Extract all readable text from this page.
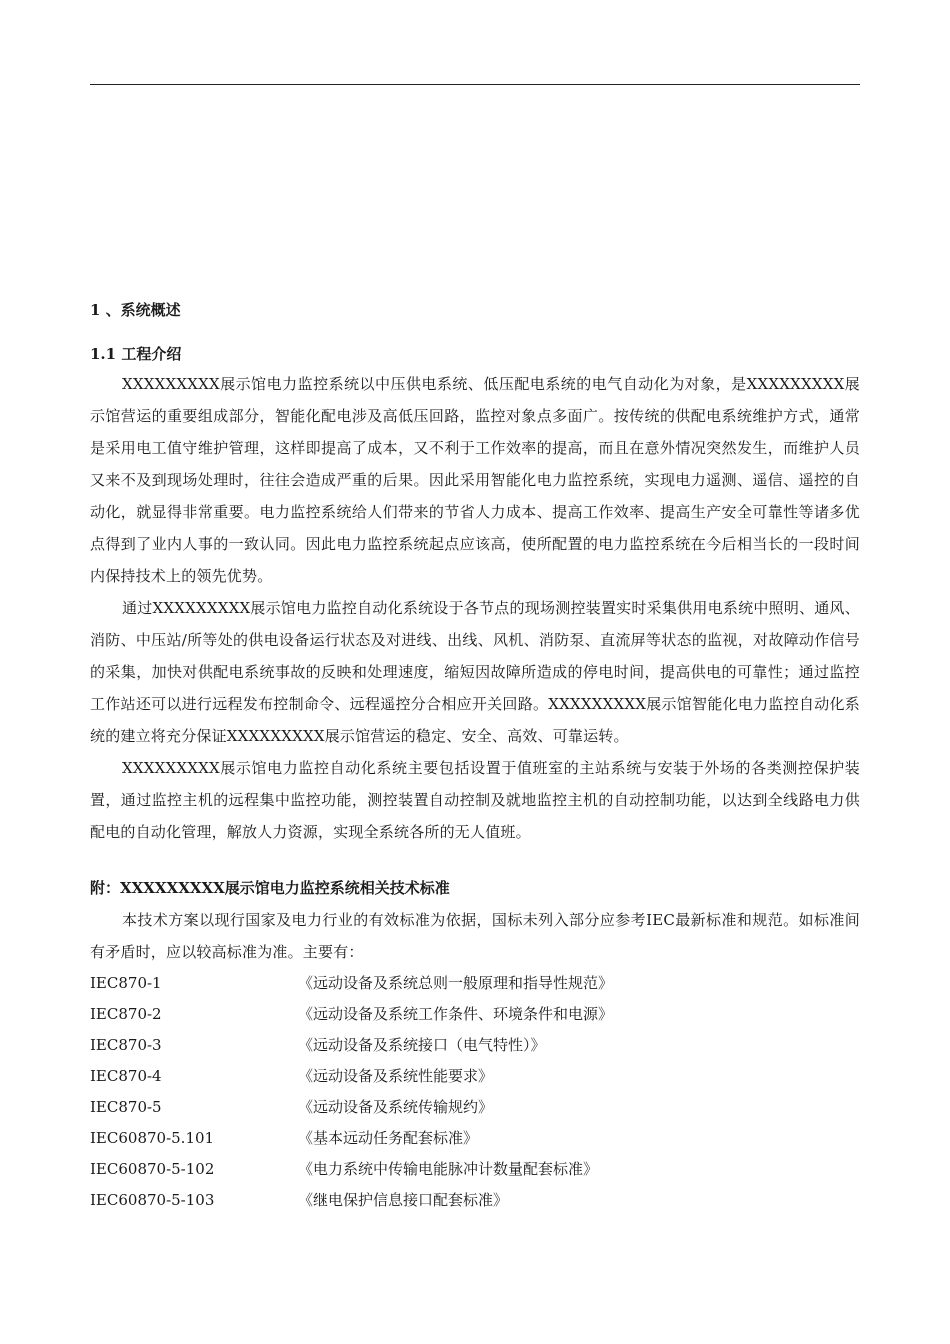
1 、系统概述
1.1 工程介绍

XXXXXXXXX展示馆电力监控系统以中压供电系统、低压配电系统的电气自动化为对象，是XXXXXXXXX展示馆营运的重要组成部分，智能化配电涉及高低压回路，监控对象点多面广。按传统的供配电系统维护方式，通常是采用电工值守维护管理，这样即提高了成本，又不利于工作效率的提高，而且在意外情况突然发生，而维护人员又来不及到现场处理时，往往会造成严重的后果。因此采用智能化电力监控系统，实现电力遥测、遥信、遥控的自动化，就显得非常重要。电力监控系统给人们带来的节省人力成本、提高工作效率、提高生产安全可靠性等诸多优点得到了业内人事的一致认同。因此电力监控系统起点应该高，使所配置的电力监控系统在今后相当长的一段时间内保持技术上的领先优势。

通过XXXXXXXXX展示馆电力监控自动化系统设于各节点的现场测控装置实时采集供用电系统中照明、通风、消防、中压站/所等处的供电设备运行状态及对进线、出线、风机、消防泵、直流屏等状态的监视，对故障动作信号的采集，加快对供配电系统事故的反映和处理速度，缩短因故障所造成的停电时间，提高供电的可靠性；通过监控工作站还可以进行远程发布控制命令、远程遥控分合相应开关回路。XXXXXXXXX展示馆智能化电力监控自动化系统的建立将充分保证XXXXXXXXX展示馆营运的稳定、安全、高效、可靠运转。

XXXXXXXXX展示馆电力监控自动化系统主要包括设置于值班室的主站系统与安装于外场的各类测控保护装置，通过监控主机的远程集中监控功能，测控装置自动控制及就地监控主机的自动控制功能，以达到全线路电力供配电的自动化管理，解放人力资源，实现全系统各所的无人值班。

附：XXXXXXXXX展示馆电力监控系统相关技术标准

本技术方案以现行国家及电力行业的有效标准为依据，国标未列入部分应参考IEC最新标准和规范。如标准间有矛盾时，应以较高标准为准。主要有：

IEC870-1	《远动设备及系统总则一般原理和指导性规范》
IEC870-2	《远动设备及系统工作条件、环境条件和电源》
IEC870-3	《远动设备及系统接口（电气特性）》
IEC870-4	《远动设备及系统性能要求》
IEC870-5	《远动设备及系统传输规约》
IEC60870-5.101	《基本远动任务配套标准》
IEC60870-5-102	《电力系统中传输电能脉冲计数量配套标准》
IEC60870-5-103	《继电保护信息接口配套标准》
